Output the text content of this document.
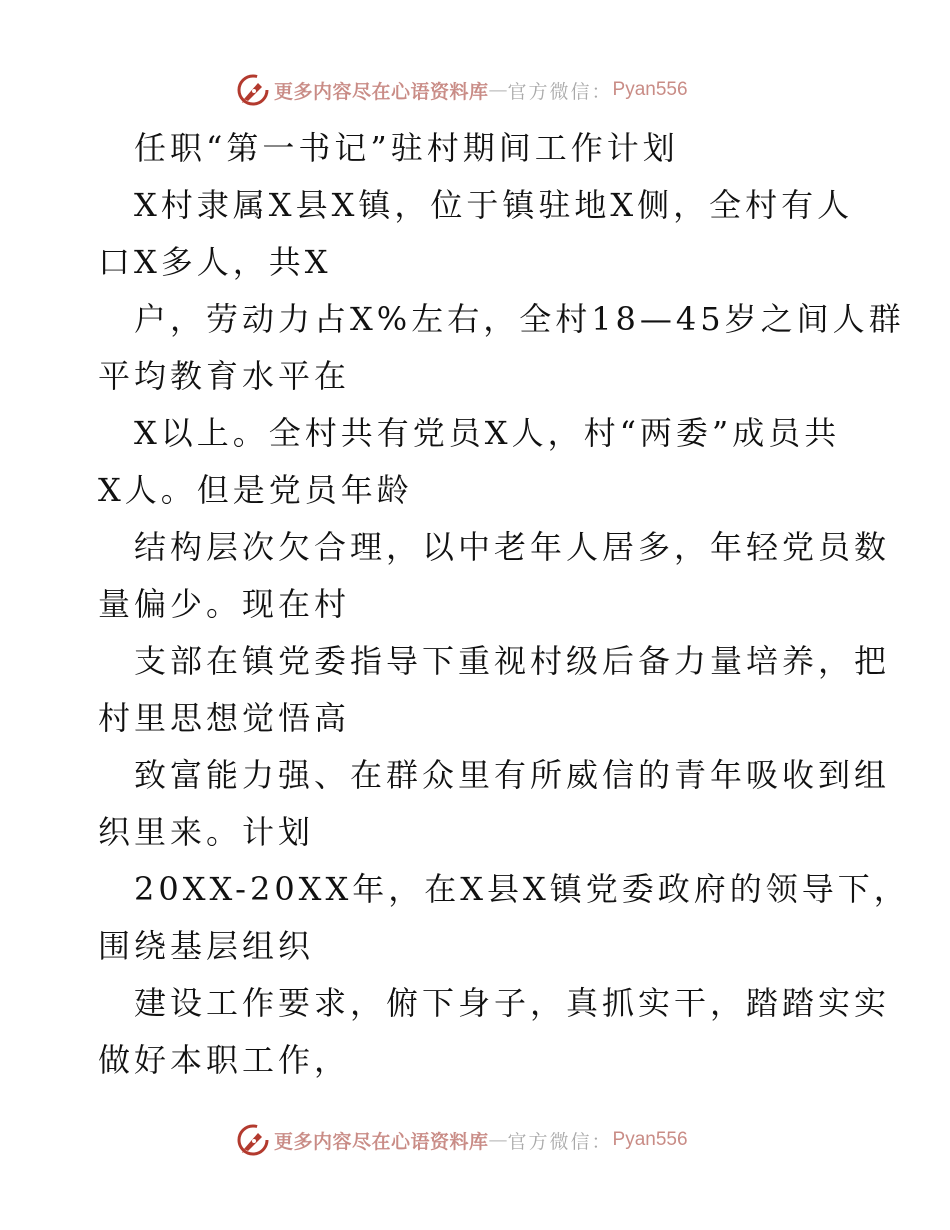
更多内容尽在心语资料库 — 官方微信： Pyan556
任职“第一书记”驻村期间工作计划
X村隶属X县X镇，位于镇驻地X侧，全村有人
口X多人，共X
户，劳动力占X%左右，全村18—45岁之间人群
平均教育水平在
X以上。全村共有党员X人，村“两委”成员共
X人。但是党员年龄
结构层次欠合理，以中老年人居多，年轻党员数
量偏少。现在村
支部在镇党委指导下重视村级后备力量培养，把
村里思想觉悟高
致富能力强、在群众里有所威信的青年吸收到组
织里来。计划
20XX-20XX年，在X县X镇党委政府的领导下，
围绕基层组织
建设工作要求，俯下身子，真抓实干，踏踏实实
做好本职工作，
更多内容尽在心语资料库 — 官方微信： Pyan556
